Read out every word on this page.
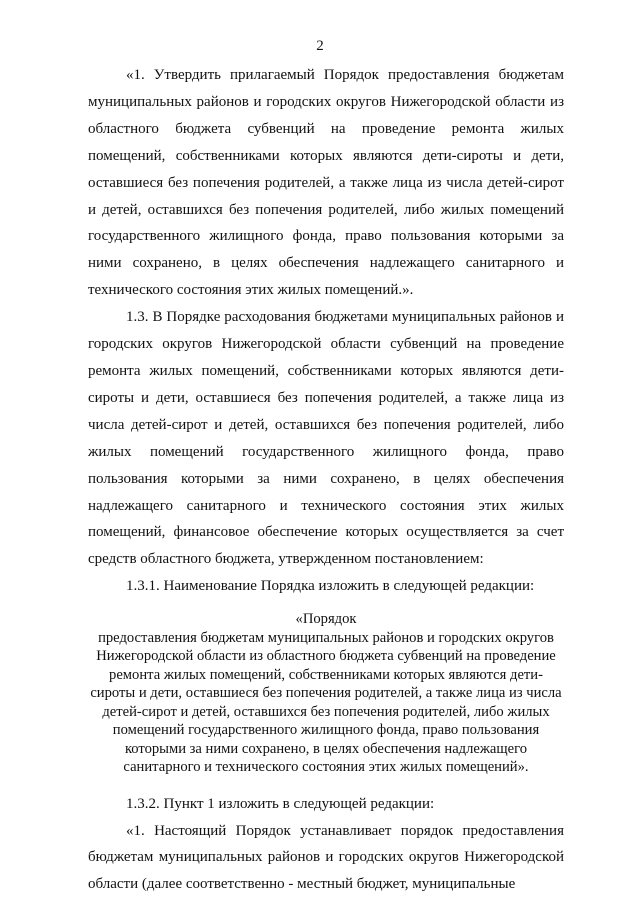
2

«1. Утвердить прилагаемый Порядок предоставления бюджетам муниципальных районов и городских округов Нижегородской области из областного бюджета субвенций на проведение ремонта жилых помещений, собственниками которых являются дети-сироты и дети, оставшиеся без попечения родителей, а также лица из числа детей-сирот и детей, оставшихся без попечения родителей, либо жилых помещений государственного жилищного фонда, право пользования которыми за ними сохранено, в целях обеспечения надлежащего санитарного и технического состояния этих жилых помещений.».

1.3. В Порядке расходования бюджетами муниципальных районов и городских округов Нижегородской области субвенций на проведение ремонта жилых помещений, собственниками которых являются дети-сироты и дети, оставшиеся без попечения родителей, а также лица из числа детей-сирот и детей, оставшихся без попечения родителей, либо жилых помещений государственного жилищного фонда, право пользования которыми за ними сохранено, в целях обеспечения надлежащего санитарного и технического состояния этих жилых помещений, финансовое обеспечение которых осуществляется за счет средств областного бюджета, утвержденном постановлением:

1.3.1. Наименование Порядка изложить в следующей редакции:

«Порядок
предоставления бюджетам муниципальных районов и городских округов
Нижегородской области из областного бюджета субвенций на проведение
ремонта жилых помещений, собственниками которых являются дети-
сироты и дети, оставшиеся без попечения родителей, а также лица из числа
детей-сирот и детей, оставшихся без попечения родителей, либо жилых
помещений государственного жилищного фонда, право пользования
которыми за ними сохранено, в целях обеспечения надлежащего
санитарного и технического состояния этих жилых помещений».

1.3.2. Пункт 1 изложить в следующей редакции:

«1. Настоящий Порядок устанавливает порядок предоставления бюджетам муниципальных районов и городских округов Нижегородской области (далее соответственно - местный бюджет, муниципальные
